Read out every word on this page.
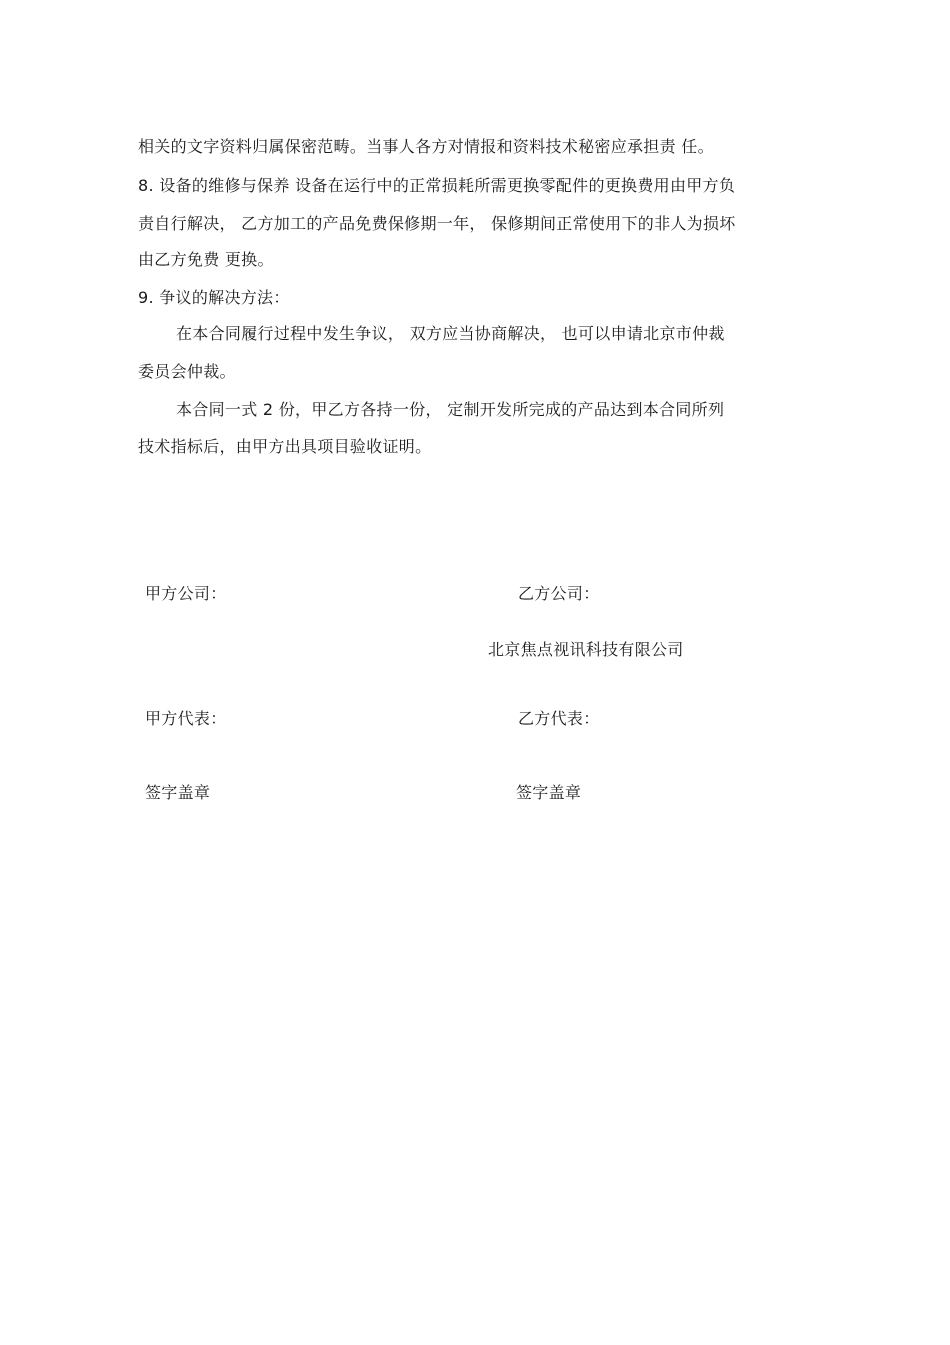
相关的文字资料归属保密范畴。当事人各方对情报和资料技术秘密应承担责 任。
8. 设备的维修与保养 设备在运行中的正常损耗所需更换零配件的更换费用由甲方负
责自行解决， 乙方加工的产品免费保修期一年， 保修期间正常使用下的非人为损坏
由乙方免费 更换。
9. 争议的解决方法：
在本合同履行过程中发生争议， 双方应当协商解决， 也可以申请北京市仲裁
委员会仲裁。
本合同一式 2 份，甲乙方各持一份， 定制开发所完成的产品达到本合同所列
技术指标后，由甲方出具项目验收证明。
甲方公司：	乙方公司：
北京焦点视讯科技有限公司
甲方代表：	乙方代表：
签字盖章	签字盖章
